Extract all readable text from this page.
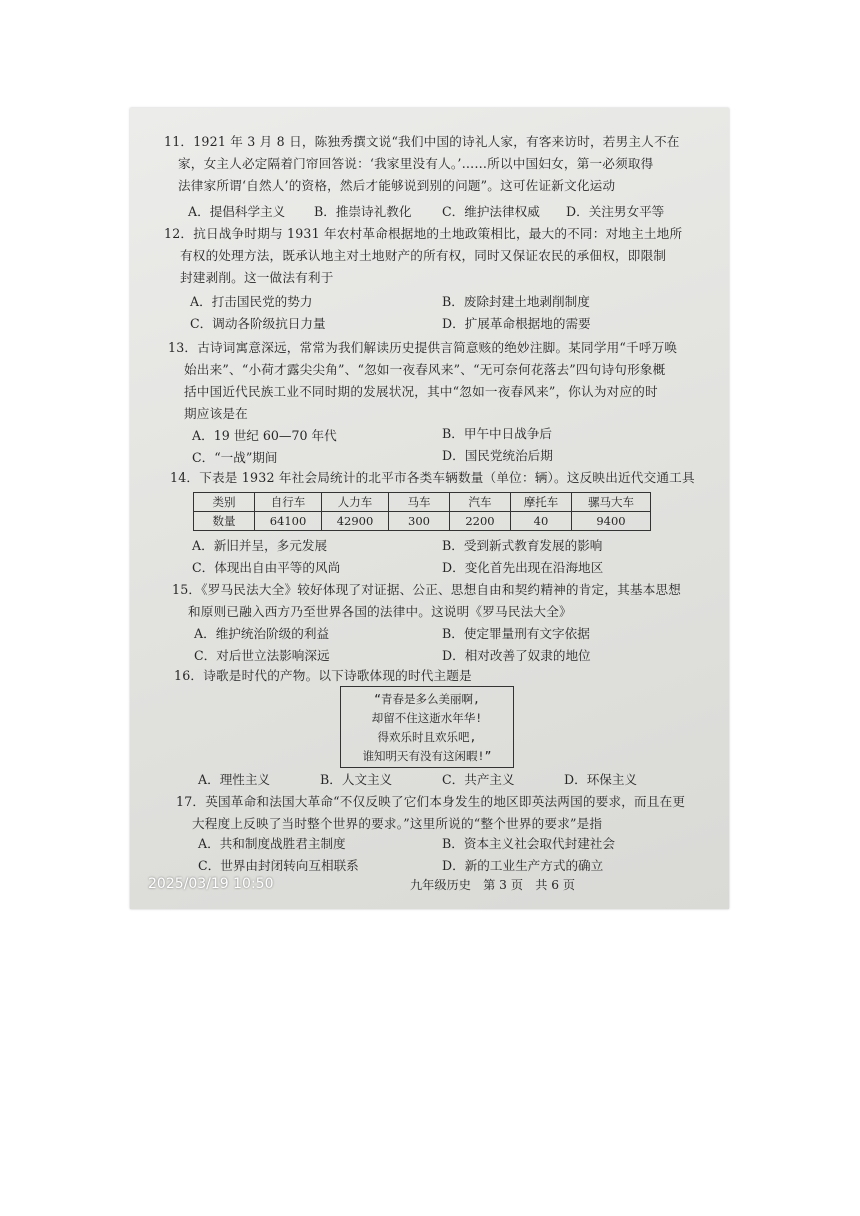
11．1921 年 3 月 8 日，陈独秀撰文说“我们中国的诗礼人家，有客来访时，若男主人不在
家，女主人必定隔着门帘回答说：‘我家里没有人。’……所以中国妇女，第一必须取得
法律家所谓‘自然人’的资格，然后才能够说到别的问题”。这可佐证新文化运动
A．提倡科学主义 B．推崇诗礼教化 C．维护法律权威 D．关注男女平等
12．抗日战争时期与 1931 年农村革命根据地的土地政策相比，最大的不同：对地主土地所
有权的处理方法，既承认地主对土地财产的所有权，同时又保证农民的承佃权，即限制
封建剥削。这一做法有利于
A．打击国民党的势力	B．废除封建土地剥削制度
C．调动各阶级抗日力量	D．扩展革命根据地的需要
13．古诗词寓意深远，常常为我们解读历史提供言简意赅的绝妙注脚。某同学用“千呼万唤
始出来”、“小荷才露尖尖角”、“忽如一夜春风来”、“无可奈何花落去”四句诗句形象概
括中国近代民族工业不同时期的发展状况，其中“忽如一夜春风来”，你认为对应的时
期应该是在
A．19 世纪 60—70 年代	B．甲午中日战争后
C．“一战”期间	D．国民党统治后期
14．下表是 1932 年社会局统计的北平市各类车辆数量（单位：辆）。这反映出近代交通工具
类别	自行车	人力车	马车	汽车	摩托车	骡马大车
数量	64100	42900	300	2200	40	9400
A．新旧并呈，多元发展	B．受到新式教育发展的影响
C．体现出自由平等的风尚	D．变化首先出现在沿海地区
15．《罗马民法大全》较好体现了对证据、公正、思想自由和契约精神的肯定，其基本思想
和原则已融入西方乃至世界各国的法律中。这说明《罗马民法大全》
A．维护统治阶级的利益	B．使定罪量刑有文字依据
C．对后世立法影响深远	D．相对改善了奴隶的地位
16．诗歌是时代的产物。以下诗歌体现的时代主题是
“青春是多么美丽啊,
却留不住这逝水年华!
得欢乐时且欢乐吧,
谁知明天有没有这闲暇!”
A．理性主义	B．人文主义	C．共产主义	D．环保主义
17．英国革命和法国大革命“不仅反映了它们本身发生的地区即英法两国的要求，而且在更
大程度上反映了当时整个世界的要求。”这里所说的“整个世界的要求”是指
A．共和制度战胜君主制度	B．资本主义社会取代封建社会
C．世界由封闭转向互相联系	D．新的工业生产方式的确立
九年级历史　第 3 页　共 6 页
2025/03/19 10:50
